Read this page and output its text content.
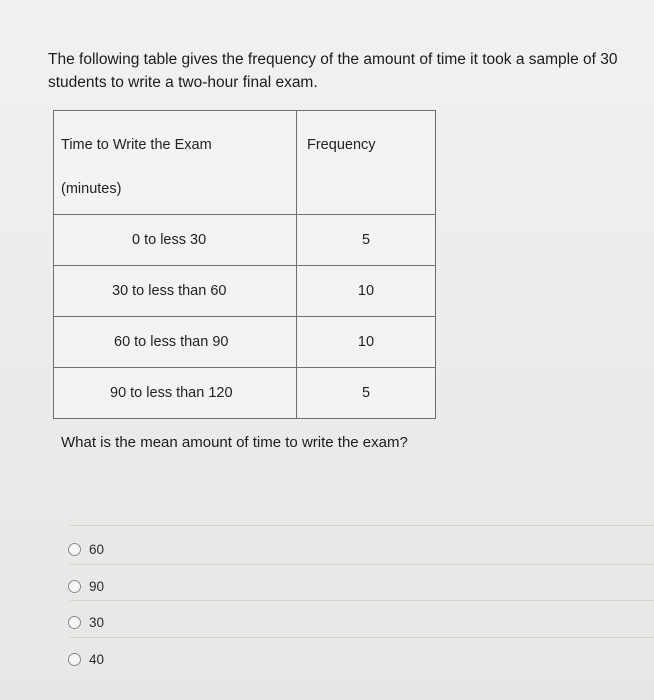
The following table gives the frequency of the amount of time it took a sample of 30
students to write a two-hour final exam.
Time to Write the Exam
(minutes)	Frequency

0 to less 30	5

30 to less than 60	10

60 to less than 90	10

90 to less than 120	5
What is the mean amount of time to write the exam?
60
90
30
40
